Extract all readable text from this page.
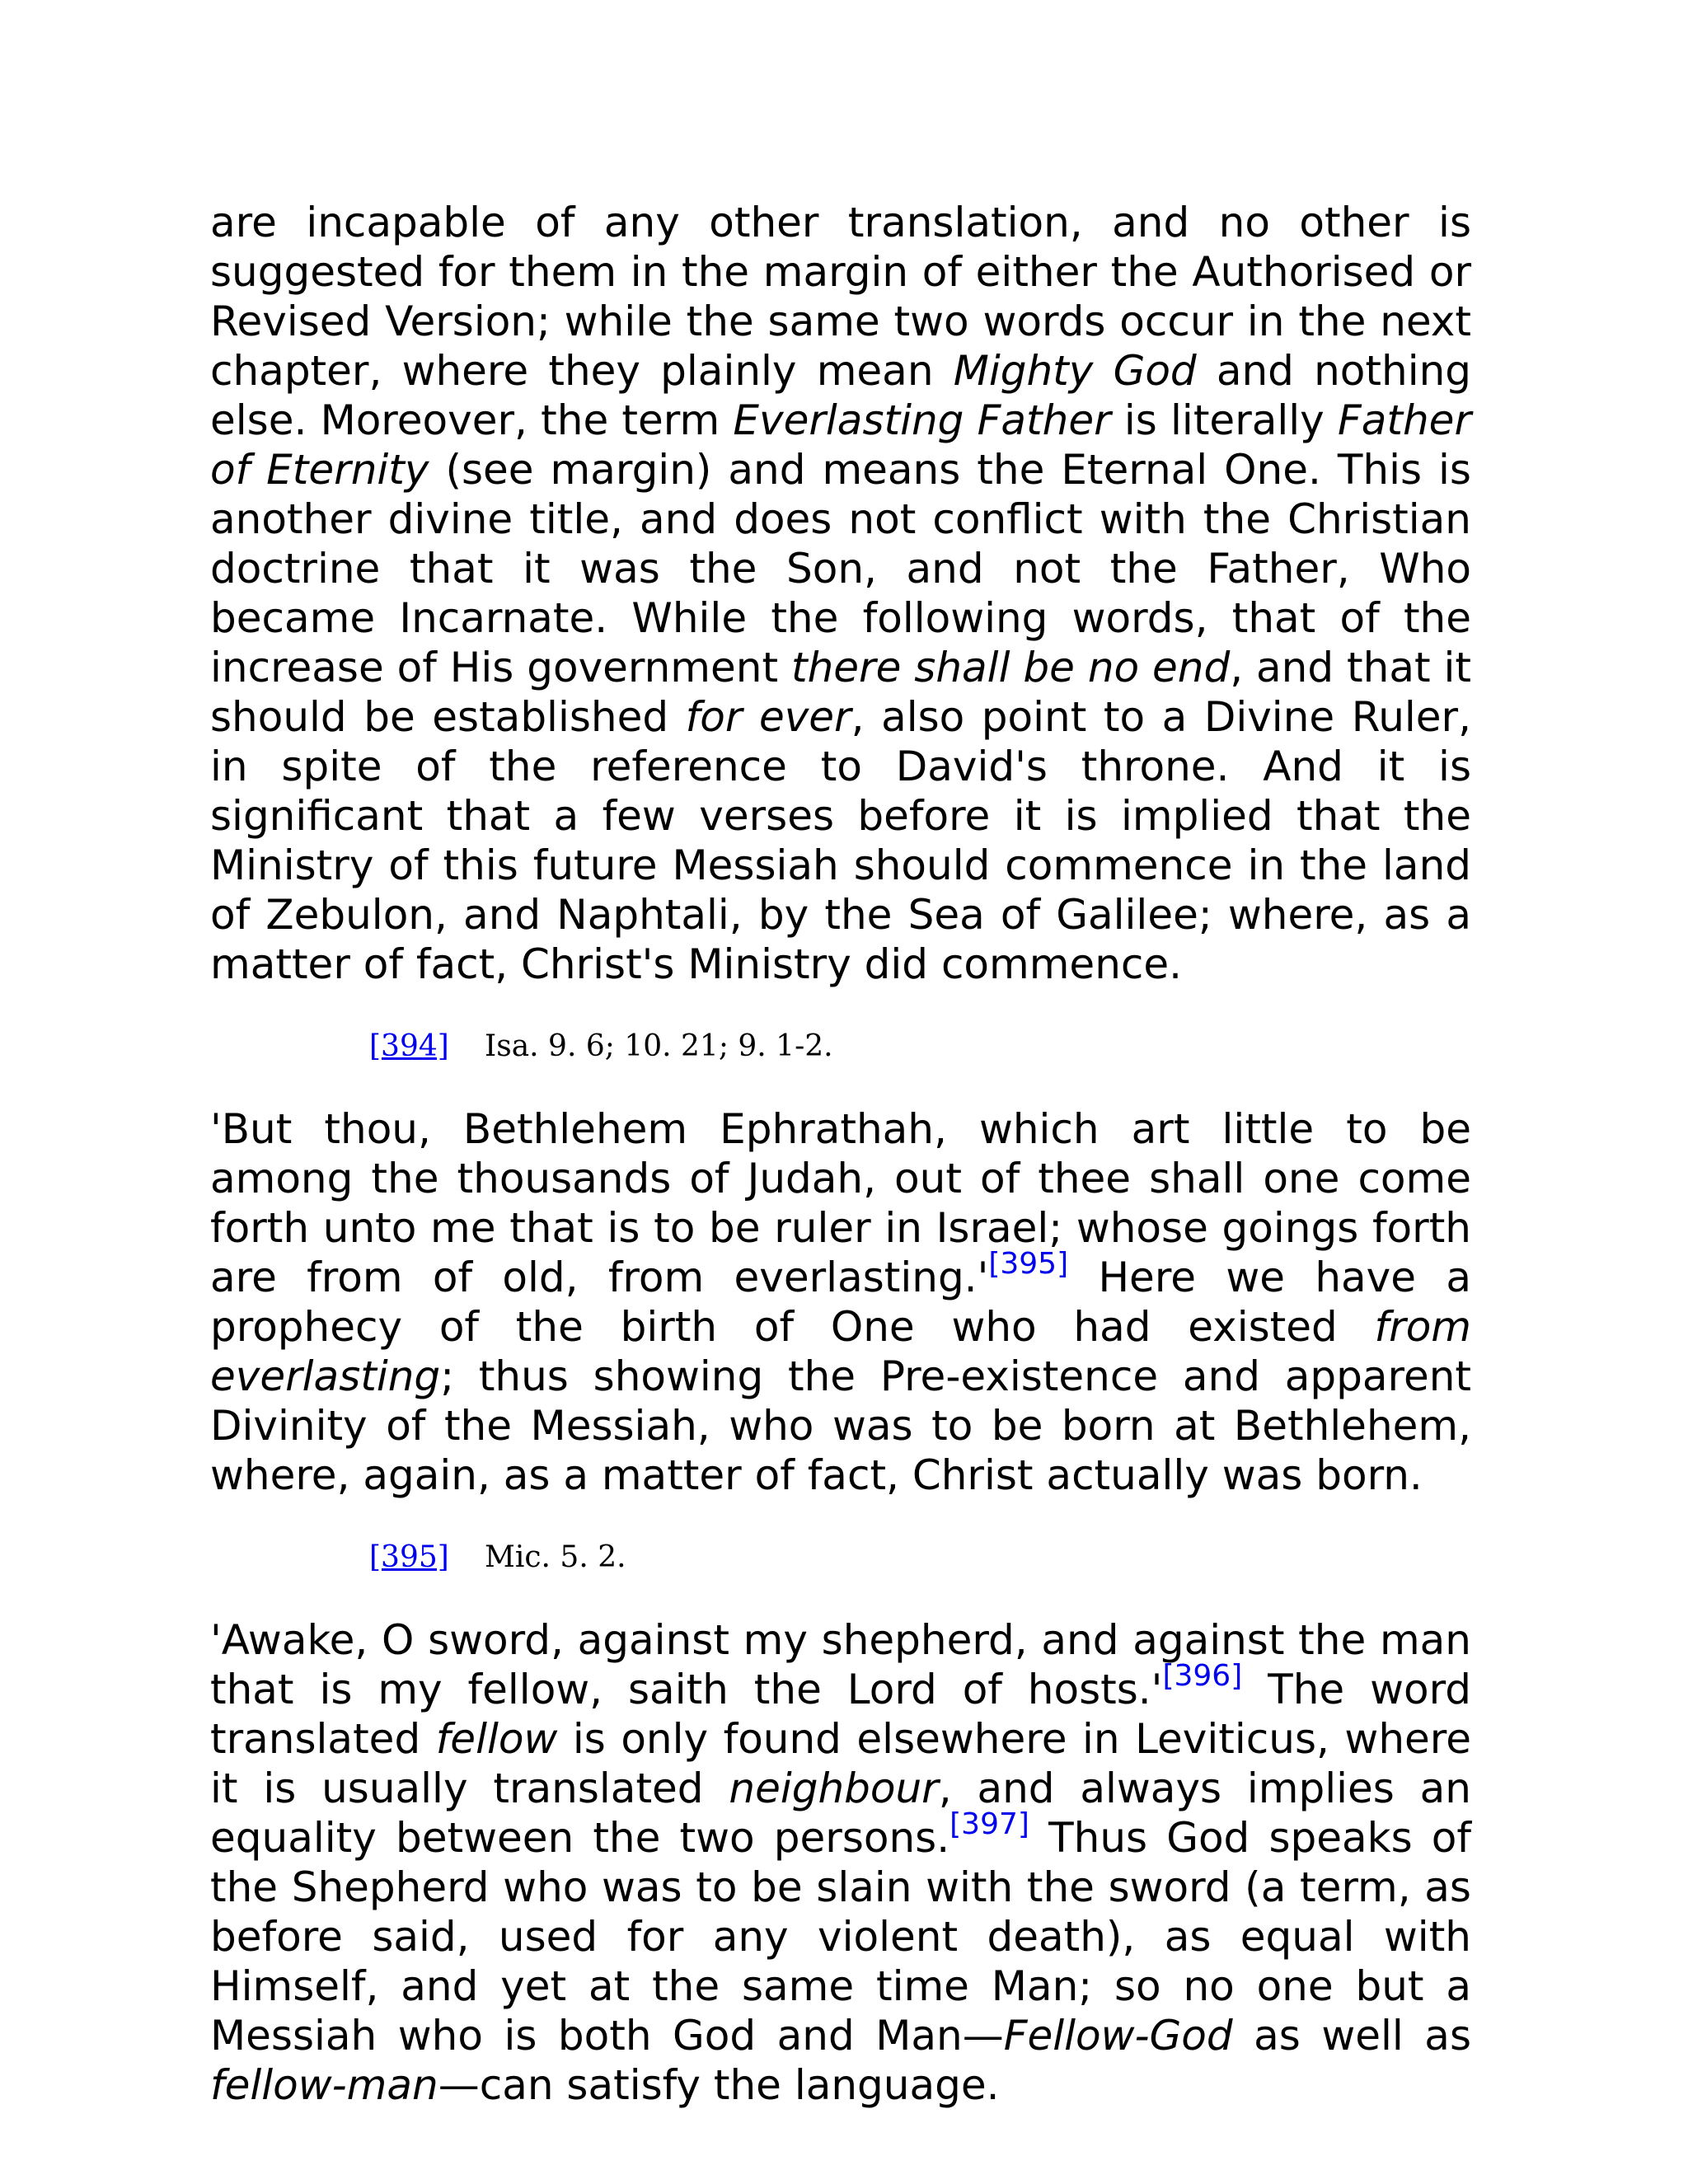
are incapable of any other translation, and no other is suggested for them in the margin of either the Authorised or Revised Version; while the same two words occur in the next chapter, where they plainly mean Mighty God and nothing else. Moreover, the term Everlasting Father is literally Father of Eternity (see margin) and means the Eternal One. This is another divine title, and does not conflict with the Christian doctrine that it was the Son, and not the Father, Who became Incarnate. While the following words, that of the increase of His government there shall be no end, and that it should be established for ever, also point to a Divine Ruler, in spite of the reference to David's throne. And it is significant that a few verses before it is implied that the Ministry of this future Messiah should commence in the land of Zebulon, and Naphtali, by the Sea of Galilee; where, as a matter of fact, Christ's Ministry did commence.

[394] Isa. 9. 6; 10. 21; 9. 1-2.

'But thou, Bethlehem Ephrathah, which art little to be among the thousands of Judah, out of thee shall one come forth unto me that is to be ruler in Israel; whose goings forth are from of old, from everlasting.'[395] Here we have a prophecy of the birth of One who had existed from everlasting; thus showing the Pre-existence and apparent Divinity of the Messiah, who was to be born at Bethlehem, where, again, as a matter of fact, Christ actually was born.

[395] Mic. 5. 2.

'Awake, O sword, against my shepherd, and against the man that is my fellow, saith the Lord of hosts.'[396] The word translated fellow is only found elsewhere in Leviticus, where it is usually translated neighbour, and always implies an equality between the two persons.[397] Thus God speaks of the Shepherd who was to be slain with the sword (a term, as before said, used for any violent death), as equal with Himself, and yet at the same time Man; so no one but a Messiah who is both God and Man—Fellow-God as well as fellow-man—can satisfy the language.
